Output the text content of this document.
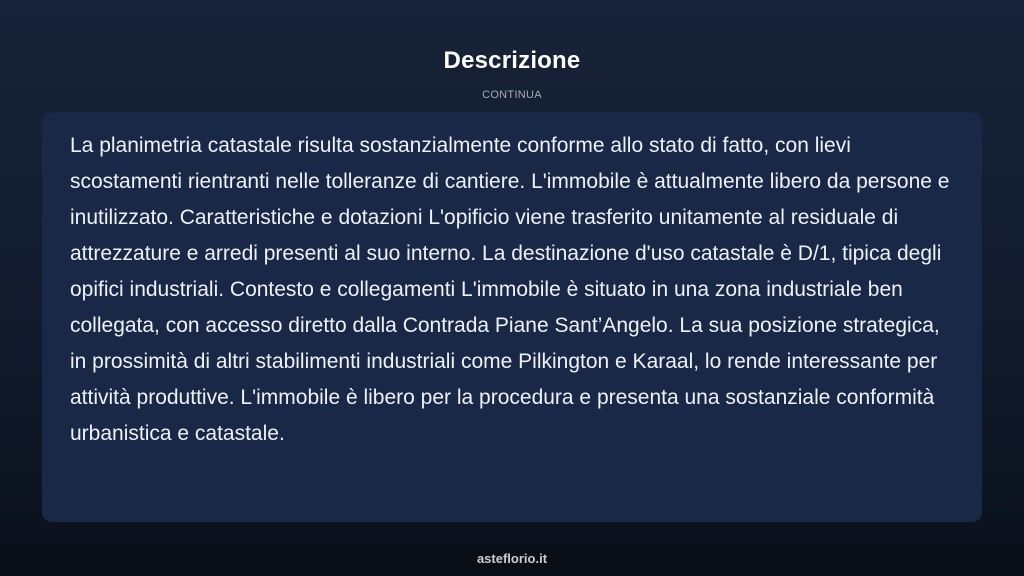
Descrizione
CONTINUA

La planimetria catastale risulta sostanzialmente conforme allo stato di fatto, con lievi scostamenti rientranti nelle tolleranze di cantiere. L'immobile è attualmente libero da persone e inutilizzato. Caratteristiche e dotazioni L'opificio viene trasferito unitamente al residuale di attrezzature e arredi presenti al suo interno. La destinazione d'uso catastale è D/1, tipica degli opifici industriali. Contesto e collegamenti L'immobile è situato in una zona industriale ben collegata, con accesso diretto dalla Contrada Piane Sant’Angelo. La sua posizione strategica, in prossimità di altri stabilimenti industriali come Pilkington e Karaal, lo rende interessante per attività produttive. L'immobile è libero per la procedura e presenta una sostanziale conformità urbanistica e catastale.

asteflorio.it
